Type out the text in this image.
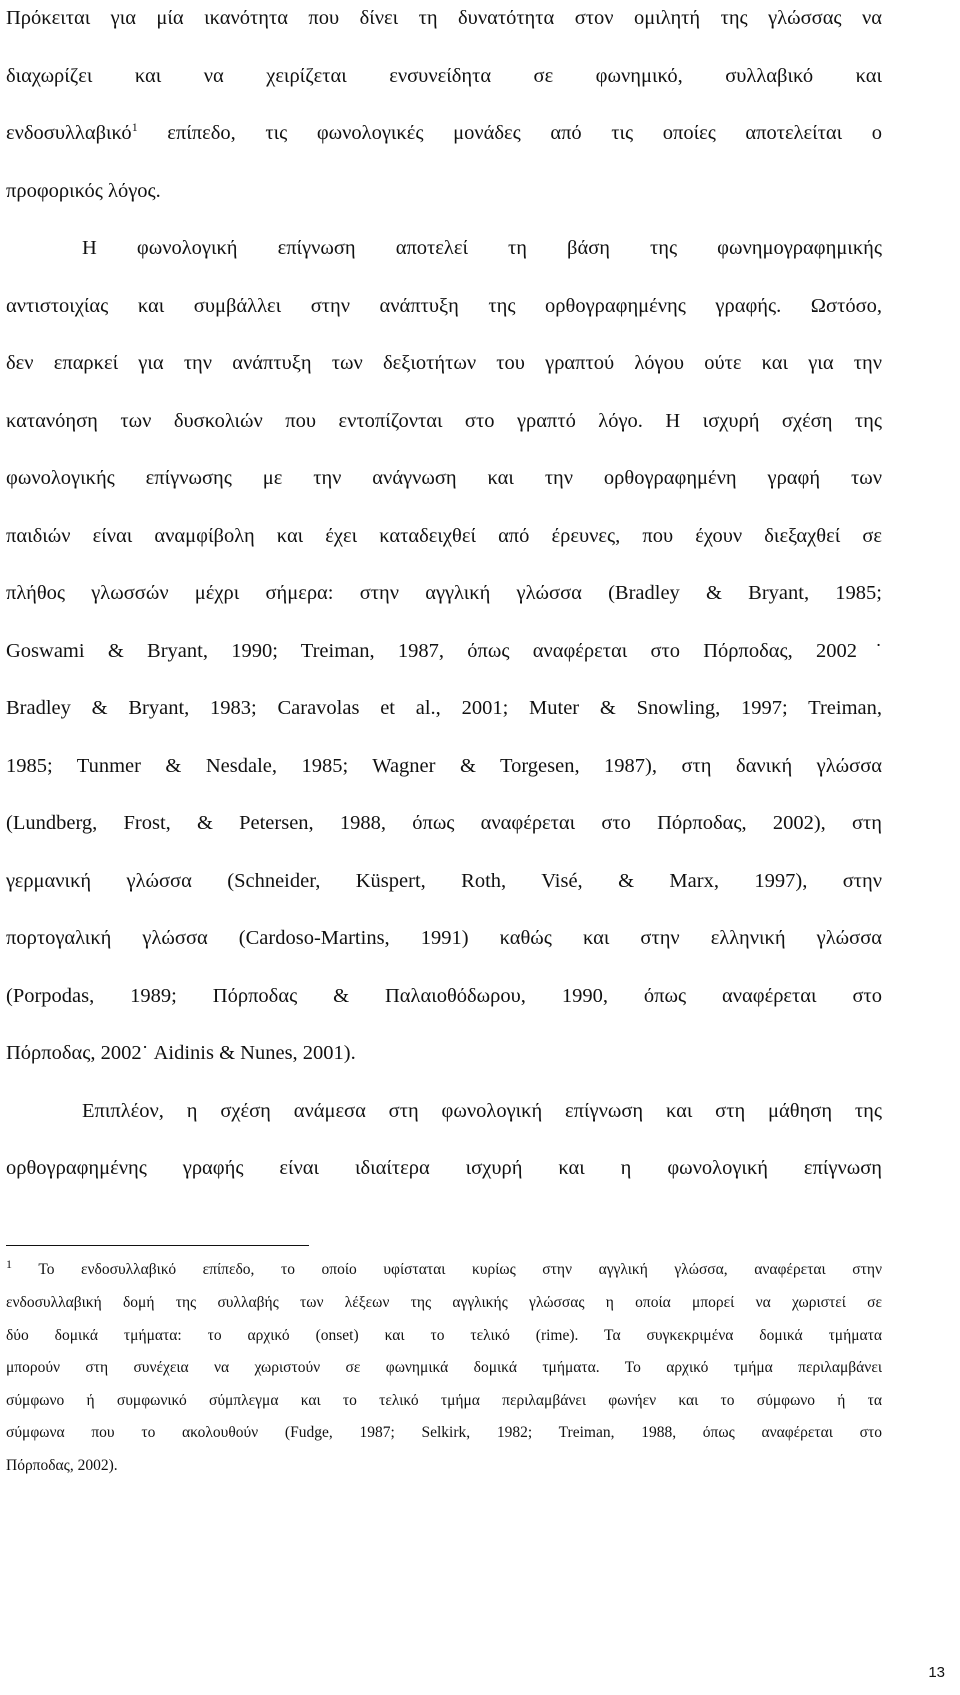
Πρόκειται για μία ικανότητα που δίνει τη δυνατότητα στον ομιλητή της γλώσσας να
διαχωρίζει και να χειρίζεται ενσυνείδητα σε φωνημικό, συλλαβικό και
ενδοσυλλαβικό$^1$ επίπεδο, τις φωνολογικές μονάδες από τις οποίες αποτελείται ο
προφορικός λόγος.
Η φωνολογική επίγνωση αποτελεί τη βάση της φωνημογραφημικής
αντιστοιχίας και συμβάλλει στην ανάπτυξη της ορθογραφημένης γραφής. Ωστόσο,
δεν επαρκεί για την ανάπτυξη των δεξιοτήτων του γραπτού λόγου ούτε και για την
κατανόηση των δυσκολιών που εντοπίζονται στο γραπτό λόγο. Η ισχυρή σχέση της
φωνολογικής επίγνωσης με την ανάγνωση και την ορθογραφημένη γραφή των
παιδιών είναι αναμφίβολη και έχει καταδειχθεί από έρευνες, που έχουν διεξαχθεί σε
πλήθος γλωσσών μέχρι σήμερα: στην αγγλική γλώσσα (Bradley & Bryant, 1985;
Goswami & Bryant, 1990; Treiman, 1987, όπως αναφέρεται στο Πόρποδας, 2002˙
Bradley & Bryant, 1983; Caravolas et al., 2001; Muter & Snowling, 1997; Treiman,
1985; Tunmer & Nesdale, 1985; Wagner & Torgesen, 1987), στη δανική γλώσσα
(Lundberg, Frost, & Petersen, 1988, όπως αναφέρεται στο Πόρποδας, 2002), στη
γερμανική γλώσσα (Schneider, Küspert, Roth, Visé, & Marx, 1997), στην
πορτογαλική γλώσσα (Cardoso-Martins, 1991) καθώς και στην ελληνική γλώσσα
(Porpodas, 1989; Πόρποδας & Παλαιοθόδωρου, 1990, όπως αναφέρεται στο
Πόρποδας, 2002˙ Aidinis & Nunes, 2001).
Επιπλέον, η σχέση ανάμεσα στη φωνολογική επίγνωση και στη μάθηση της
ορθογραφημένης γραφής είναι ιδιαίτερα ισχυρή και η φωνολογική επίγνωση
$^1$ Το ενδοσυλλαβικό επίπεδο, το οποίο υφίσταται κυρίως στην αγγλική γλώσσα, αναφέρεται στην
ενδοσυλλαβική δομή της συλλαβής των λέξεων της αγγλικής γλώσσας η οποία μπορεί να χωριστεί σε
δύο δομικά τμήματα: το αρχικό (onset) και το τελικό (rime). Τα συγκεκριμένα δομικά τμήματα
μπορούν στη συνέχεια να χωριστούν σε φωνημικά δομικά τμήματα. Το αρχικό τμήμα περιλαμβάνει
σύμφωνο ή συμφωνικό σύμπλεγμα και το τελικό τμήμα περιλαμβάνει φωνήεν και το σύμφωνο ή τα
σύμφωνα που το ακολουθούν (Fudge, 1987; Selkirk, 1982; Treiman, 1988, όπως αναφέρεται στο
Πόρποδας, 2002).
13
